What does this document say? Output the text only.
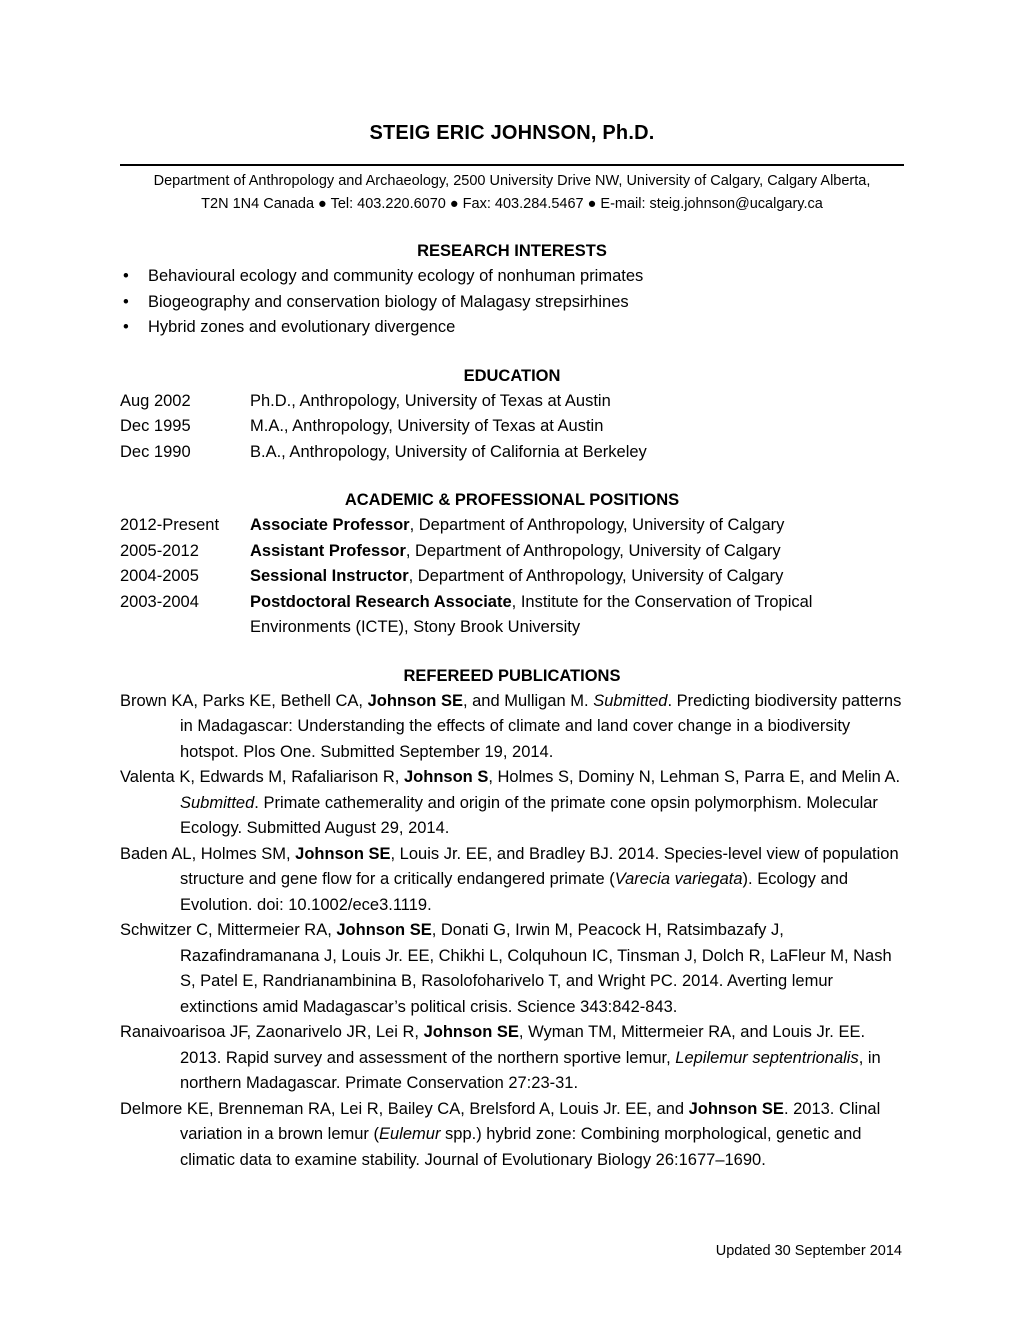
STEIG ERIC JOHNSON, Ph.D.
Department of Anthropology and Archaeology, 2500 University Drive NW, University of Calgary, Calgary Alberta,
T2N 1N4 Canada ● Tel: 403.220.6070 ● Fax: 403.284.5467 ● E-mail: steig.johnson@ucalgary.ca
RESEARCH INTERESTS
•	Behavioural ecology and community ecology of nonhuman primates
•	Biogeography and conservation biology of Malagasy strepsirhines
•	Hybrid zones and evolutionary divergence
EDUCATION
Aug 2002	Ph.D., Anthropology, University of Texas at Austin
Dec 1995	M.A., Anthropology, University of Texas at Austin
Dec 1990	B.A., Anthropology, University of California at Berkeley
ACADEMIC & PROFESSIONAL POSITIONS
2012-Present	Associate Professor, Department of Anthropology, University of Calgary
2005-2012	Assistant Professor, Department of Anthropology, University of Calgary
2004-2005	Sessional Instructor, Department of Anthropology, University of Calgary
2003-2004	Postdoctoral Research Associate, Institute for the Conservation of Tropical Environments (ICTE), Stony Brook University
REFEREED PUBLICATIONS

Brown KA, Parks KE, Bethell CA, Johnson SE, and Mulligan M. Submitted. Predicting biodiversity patterns in Madagascar: Understanding the effects of climate and land cover change in a biodiversity hotspot. Plos One. Submitted September 19, 2014.

Valenta K, Edwards M, Rafaliarison R, Johnson S, Holmes S, Dominy N, Lehman S, Parra E, and Melin A. Submitted. Primate cathemerality and origin of the primate cone opsin polymorphism. Molecular Ecology. Submitted August 29, 2014.

Baden AL, Holmes SM, Johnson SE, Louis Jr. EE, and Bradley BJ. 2014. Species-level view of population structure and gene flow for a critically endangered primate (Varecia variegata). Ecology and Evolution. doi: 10.1002/ece3.1119.

Schwitzer C, Mittermeier RA, Johnson SE, Donati G, Irwin M, Peacock H, Ratsimbazafy J, Razafindramanana J, Louis Jr. EE, Chikhi L, Colquhoun IC, Tinsman J, Dolch R, LaFleur M, Nash S, Patel E, Randrianambinina B, Rasolofoharivelo T, and Wright PC. 2014. Averting lemur extinctions amid Madagascar’s political crisis. Science 343:842-843.

Ranaivoarisoa JF, Zaonarivelo JR, Lei R, Johnson SE, Wyman TM, Mittermeier RA, and Louis Jr. EE. 2013. Rapid survey and assessment of the northern sportive lemur, Lepilemur septentrionalis, in northern Madagascar. Primate Conservation 27:23-31.

Delmore KE, Brenneman RA, Lei R, Bailey CA, Brelsford A, Louis Jr. EE, and Johnson SE. 2013. Clinal variation in a brown lemur (Eulemur spp.) hybrid zone: Combining morphological, genetic and climatic data to examine stability. Journal of Evolutionary Biology 26:1677–1690.

Updated 30 September 2014
